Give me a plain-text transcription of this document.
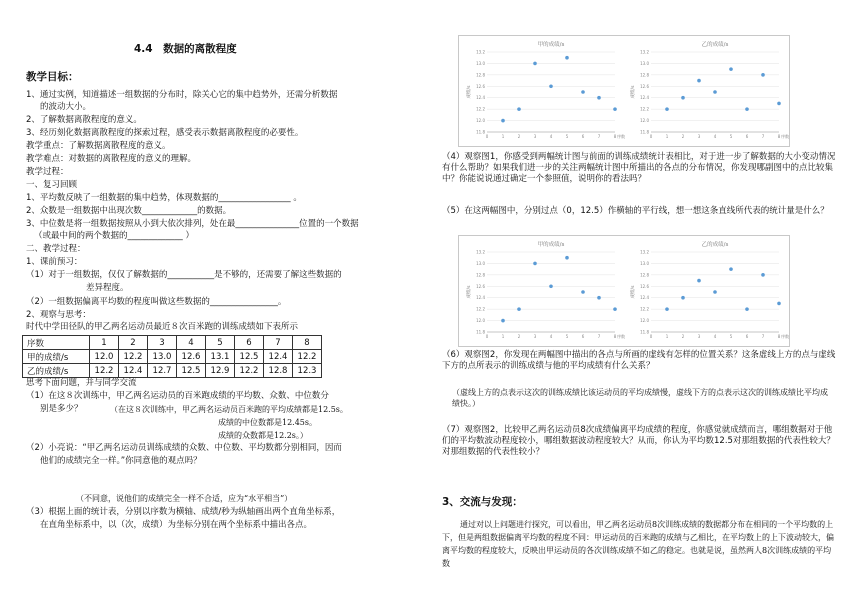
4.4　数据的离散程度
教学目标：
1、通过实例，知道描述一组数据的分布时，除关心它的集中趋势外，还需分析数据
的波动大小。
2、了解数据离散程度的意义。
3、经历刻化数据离散程度的探索过程，感受表示数据离散程度的必要性。
教学重点：了解数据离散程度的意义。
教学难点：对数据的离散程度的意义的理解。
教学过程：
一、复习回顾
1、平均数反映了一组数据的集中趋势，体现数据的_________________ 。
2、众数是一组数据中出现次数_____________的数据。
3、中位数是将一组数据按照从小到大依次排列，处在最_______________位置的一个数据
（或最中间的两个数据的_____________ ）
二、教学过程：
1、课前预习：
（1）对于一组数据，仅仅了解数据的___________是不够的，还需要了解这些数据的
差异程度。
（2）一组数据偏离平均数的程度叫做这些数据的________________。
2、观察与思考：
时代中学田径队的甲乙两名运动员最近８次百米跑的训练成绩如下表所示
序数	1	2	3	4	5	6	7	8
甲的成绩/s	12.0	12.2	13.0	12.6	13.1	12.5	12.4	12.2
乙的成绩/s	12.2	12.4	12.7	12.5	12.9	12.2	12.8	12.3
思考下面问题，并与同学交流
（1）在这８次训练中，甲乙两名运动员的百米跑成绩的平均数、众数、中位数分
别是多少？	（在这８次训练中，甲乙两名运动员百米跑的平均成绩都是12.5s。
成绩的中位数都是12.45s。
成绩的众数都是12.2s。）
（2）小亮说：“甲乙两名运动员训练成绩的众数、中位数、平均数都分别相同，因而
他们的成绩完全一样。”你同意他的观点吗？
（不同意，说他们的成绩完全一样不合适，应为“水平相当”）
（3）根据上面的统计表，分别以序数为横轴、成绩/秒为纵轴画出两个直角坐标系，
在直角坐标系中，以（次，成绩）为坐标分别在两个坐标系中描出各点。
甲的成绩/s
成绩/s
11.8
12.0
12.2
12.4
12.6
12.8
13.0
13.2
0	1	2	3	4	5	6	7	8 序数
乙的成绩/s
成绩/s
11.8
12.0
12.2
12.4
12.6
12.8
13.0
13.2
0	1	2	3	4	5	6	7	8 序数
甲的成绩/s
成绩/s
11.8
12.0
12.2
12.4
12.6
12.8
13.0
13.2
0	1	2	3	4	5	6	7	8 序数
乙的成绩/s
成绩/s
11.8
12.0
12.2
12.4
12.6
12.8
13.0
13.2
0	1	2	3	4	5	6	7	8 序数
（4）观察图1，你感受到两幅统计图与前面的训练成绩统计表相比，对于进一步了解数据的大小变动情况有什么帮助？如果我们进一步的关注两幅统计图中所描出的各点的分布情况，你发现哪副图中的点比较集中？你能说说通过确定一个参照值，说明你的看法吗？
（5）在这两幅图中，分别过点（0，12.5）作横轴的平行线，想一想这条直线所代表的统计量是什么？
（6）观察图2，你发现在两幅图中描出的各点与所画的虚线有怎样的位置关系？这条虚线上方的点与虚线下方的点所表示的训练成绩与他的平均成绩有什么关系？
（虚线上方的点表示这次的训练成绩比该运动员的平均成绩慢，虚线下方的点表示这次的训练成绩比平均成绩快。）
（7）观察图2，比较甲乙两名运动员8次成绩偏离平均成绩的程度，你感觉就成绩而言，哪组数据对于他们的平均数波动程度较小，哪组数据波动程度较大？从而，你认为平均数12.5对那组数据的代表性较大？对那组数据的代表性较小？
3、交流与发现：
通过对以上问题进行探究，可以看出，甲乙两名运动员8次训练成绩的数据都分布在相同的一个平均数的上下，但是两组数据偏离平均数的程度不同：甲运动员的百米跑的成绩与乙相比，在平均数上的上下波动较大，偏离平均数的程度较大，反映出甲运动员的各次训练成绩不如乙的稳定。也就是说，虽然两人8次训练成绩的平均数
